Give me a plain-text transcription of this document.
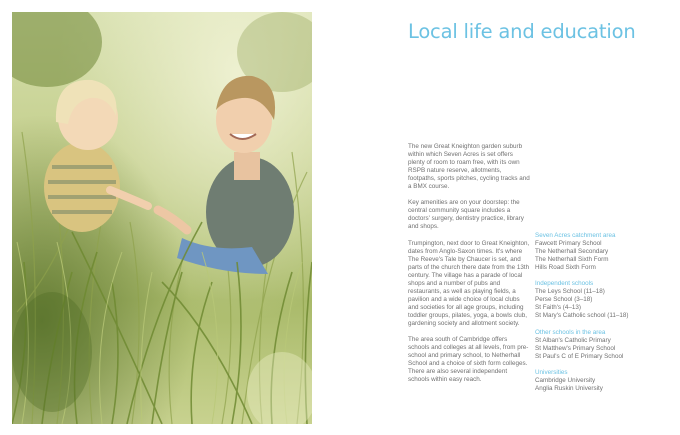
Local life and education

The new Great Kneighton garden suburb within which Seven Acres is set offers plenty of room to roam free, with its own RSPB nature reserve, allotments, footpaths, sports pitches, cycling tracks and a BMX course.

Key amenities are on your doorstep: the central community square includes a doctors' surgery, dentistry practice, library and shops.

Trumpington, next door to Great Kneighton, dates from Anglo-Saxon times. It's where The Reeve's Tale by Chaucer is set, and parts of the church there date from the 13th century. The village has a parade of local shops and a number of pubs and restaurants, as well as playing fields, a pavilion and a wide choice of local clubs and societies for all age groups, including toddler groups, pilates, yoga, a bowls club, gardening society and allotment society.

The area south of Cambridge offers schools and colleges at all levels, from pre-school and primary school, to Netherhall School and a choice of sixth form colleges. There are also several independent schools within easy reach.

Seven Acres catchment area
Fawcett Primary School
The Netherhall Secondary
The Netherhall Sixth Form
Hills Road Sixth Form
Independent schools
The Leys School (11–18)
Perse School (3–18)
St Faith's (4–13)
St Mary's Catholic school (11–18)
Other schools in the area
St Alban's Catholic Primary
St Matthew's Primary School
St Paul's C of E Primary School
Universities
Cambridge University
Anglia Ruskin University
